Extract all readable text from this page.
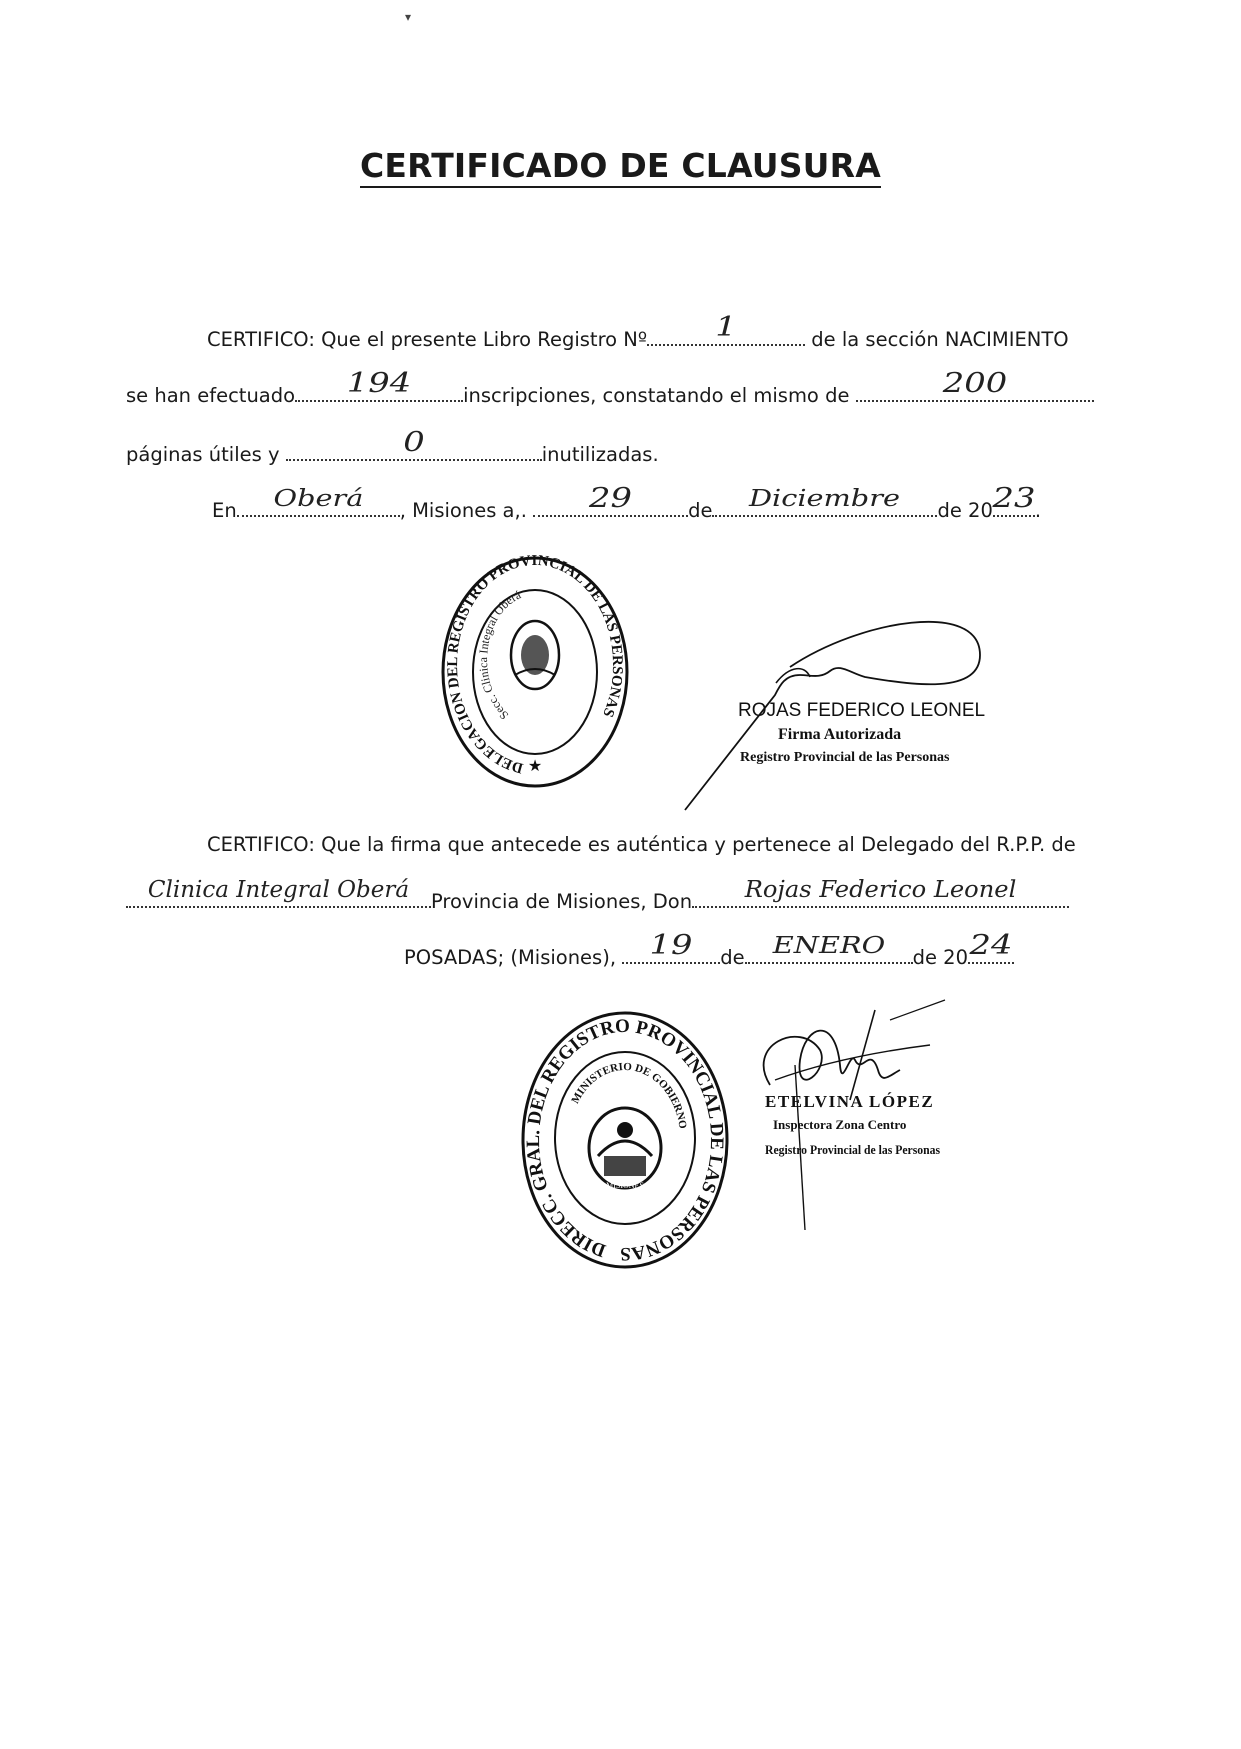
▾
CERTIFICADO DE CLAUSURA
CERTIFICO: Que el presente Libro Registro Nº	1	de la sección NACIMIENTO
se han efectuado	194	inscripciones, constatando el mismo de	200
páginas útiles y	0	inutilizadas.
En	Oberá	, Misiones a,.	29	de	Diciembre	de 20 23 .
DELEGACION DEL REGISTRO PROVINCIAL DE LAS PERSONAS
Secc. Clinica Integral Oberá
★
ROJAS FEDERICO LEONEL
Firma Autorizada
Registro Provincial de las Personas
CERTIFICO: Que la firma que antecede es auténtica y pertenece al Delegado del R.P.P. de
Clinica Integral Oberá	Provincia de Misiones, Don	Rojas Federico Leonel
POSADAS; (Misiones),	19	de	ENERO	de 20 24
DIRECC. GRAL. DEL REGISTRO PROVINCIAL DE LAS PERSONAS
MINISTERIO DE GOBIERNO
MISIONES
ETELVINA LÓPEZ
Inspectora Zona Centro
Registro Provincial de las Personas
